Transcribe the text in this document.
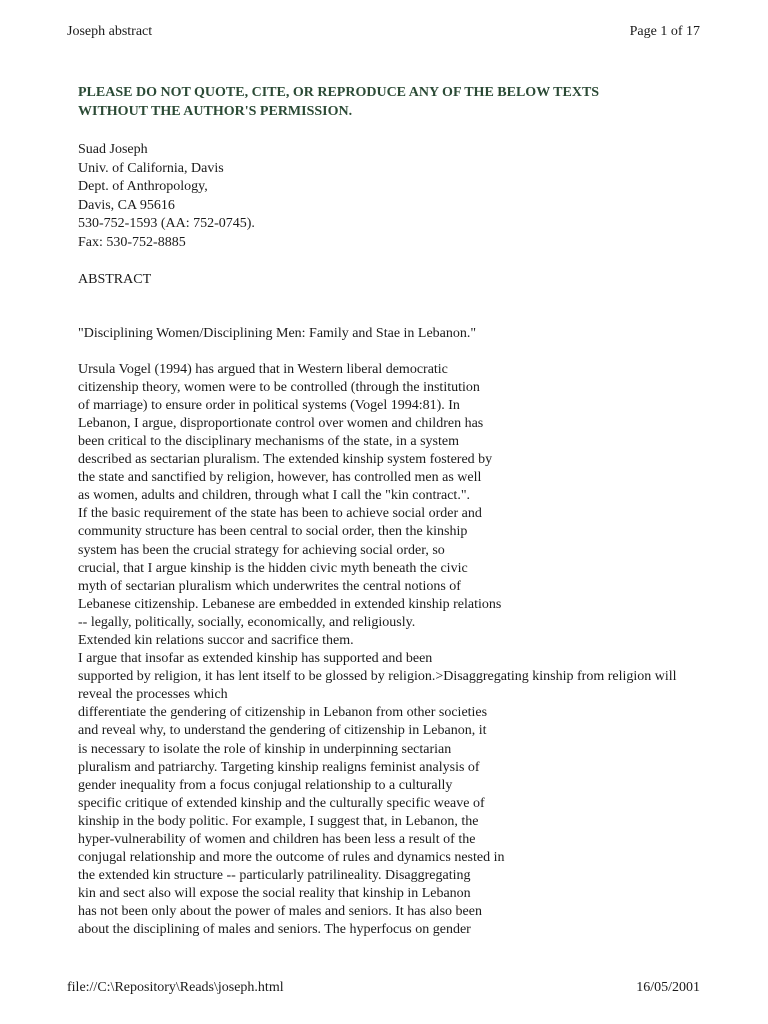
Joseph abstract	Page 1 of 17

PLEASE DO NOT QUOTE, CITE, OR REPRODUCE ANY OF THE BELOW TEXTS
WITHOUT THE AUTHOR'S PERMISSION.

Suad Joseph
Univ. of California, Davis
Dept. of Anthropology,
Davis, CA 95616
530-752-1593 (AA: 752-0745).
Fax: 530-752-8885
ABSTRACT
"Disciplining Women/Disciplining Men: Family and Stae in Lebanon."
Ursula Vogel (1994) has argued that in Western liberal democratic
citizenship theory, women were to be controlled (through the institution
of marriage) to ensure order in political systems (Vogel 1994:81). In
Lebanon, I argue, disproportionate control over women and children has
been critical to the disciplinary mechanisms of the state, in a system
described as sectarian pluralism. The extended kinship system fostered by
the state and sanctified by religion, however, has controlled men as well
as women, adults and children, through what I call the "kin contract.".
If the basic requirement of the state has been to achieve social order and
community structure has been central to social order, then the kinship
system has been the crucial strategy for achieving social order, so
crucial, that I argue kinship is the hidden civic myth beneath the civic
myth of sectarian pluralism which underwrites the central notions of
Lebanese citizenship. Lebanese are embedded in extended kinship relations
-- legally, politically, socially, economically, and religiously.
Extended kin relations succor and sacrifice them.
I argue that insofar as extended kinship has supported and been
supported by religion, it has lent itself to be glossed by religion.>Disaggregating kinship from religion will
reveal the processes which
differentiate the gendering of citizenship in Lebanon from other societies
and reveal why, to understand the gendering of citizenship in Lebanon, it
is necessary to isolate the role of kinship in underpinning sectarian
pluralism and patriarchy. Targeting kinship realigns feminist analysis of
gender inequality from a focus conjugal relationship to a culturally
specific critique of extended kinship and the culturally specific weave of
kinship in the body politic. For example, I suggest that, in Lebanon, the
hyper-vulnerability of women and children has been less a result of the
conjugal relationship and more the outcome of rules and dynamics nested in
the extended kin structure -- particularly patrilineality. Disaggregating
kin and sect also will expose the social reality that kinship in Lebanon
has not been only about the power of males and seniors. It has also been
about the disciplining of males and seniors. The hyperfocus on gender
file://C:\Repository\Reads\joseph.html	16/05/2001
